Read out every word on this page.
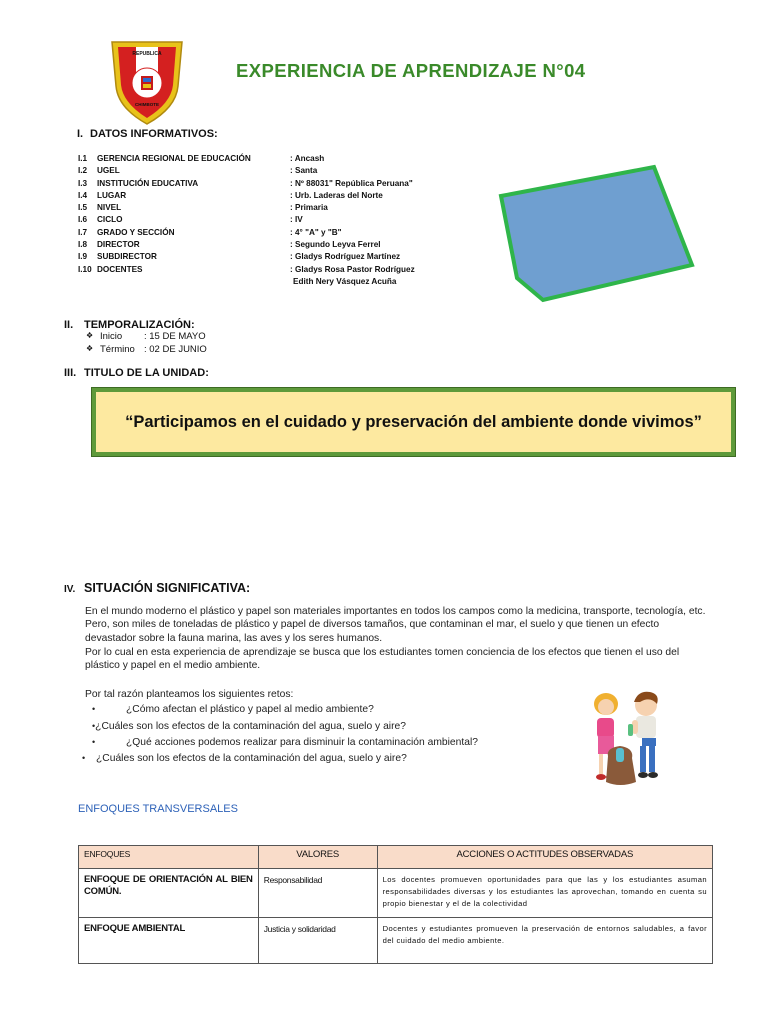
REPUBLICA
CHIMBOTE
EXPERIENCIA DE APRENDIZAJE N°04
I. DATOS INFORMATIVOS:
I.1	GERENCIA REGIONAL DE EDUCACIÓN	: Ancash
I.2	UGEL	: Santa
I.3	INSTITUCIÓN EDUCATIVA	: Nº 88031" República Peruana"
I.4	LUGAR	: Urb. Laderas del Norte
I.5	NIVEL	: Primaria
I.6	CICLO	: IV
I.7	GRADO Y SECCIÓN	: 4° "A" y "B"
I.8	DIRECTOR	: Segundo Leyva Ferrel
I.9	SUBDIRECTOR	: Gladys Rodríguez Martínez
I.10 DOCENTES	: Gladys Rosa Pastor Rodríguez
Edith Nery Vásquez Acuña
II. TEMPORALIZACIÓN:
❖ Inicio : 15 DE MAYO
❖ Término : 02 DE JUNIO
III. TITULO DE LA UNIDAD:
“Participamos en el cuidado y preservación del ambiente donde vivimos”
IV. SITUACIÓN SIGNIFICATIVA:
En el mundo moderno el plástico y papel son materiales importantes en todos los campos como la medicina, transporte, tecnología, etc. Pero, son miles de toneladas de plástico y papel de diversos tamaños, que contaminan el mar, el suelo y que tienen un efecto devastador sobre la fauna marina, las aves y los seres humanos.
Por lo cual en esta experiencia de aprendizaje se busca que los estudiantes tomen conciencia de los efectos que tienen el uso del plástico y papel en el medio ambiente.
Por tal razón planteamos los siguientes retos:
•	¿Cómo afectan el plástico y papel al medio ambiente?
•¿Cuáles son los efectos de la contaminación del agua, suelo y aire?
•	¿Qué acciones podemos realizar para disminuir la contaminación ambiental?
• ¿Cuáles son los efectos de la contaminación del agua, suelo y aire?
ENFOQUES TRANSVERSALES
ENFOQUES	VALORES	ACCIONES O ACTITUDES OBSERVADAS
ENFOQUE DE ORIENTACIÓN AL BIEN COMÚN.	Responsabilidad	Los docentes promueven oportunidades para que las y los estudiantes asuman responsabilidades diversas y los estudiantes las aprovechan, tomando en cuenta su propio bienestar y el de la colectividad
ENFOQUE AMBIENTAL	Justicia y solidaridad	Docentes y estudiantes promueven la preservación de entornos saludables, a favor del cuidado del medio ambiente.
